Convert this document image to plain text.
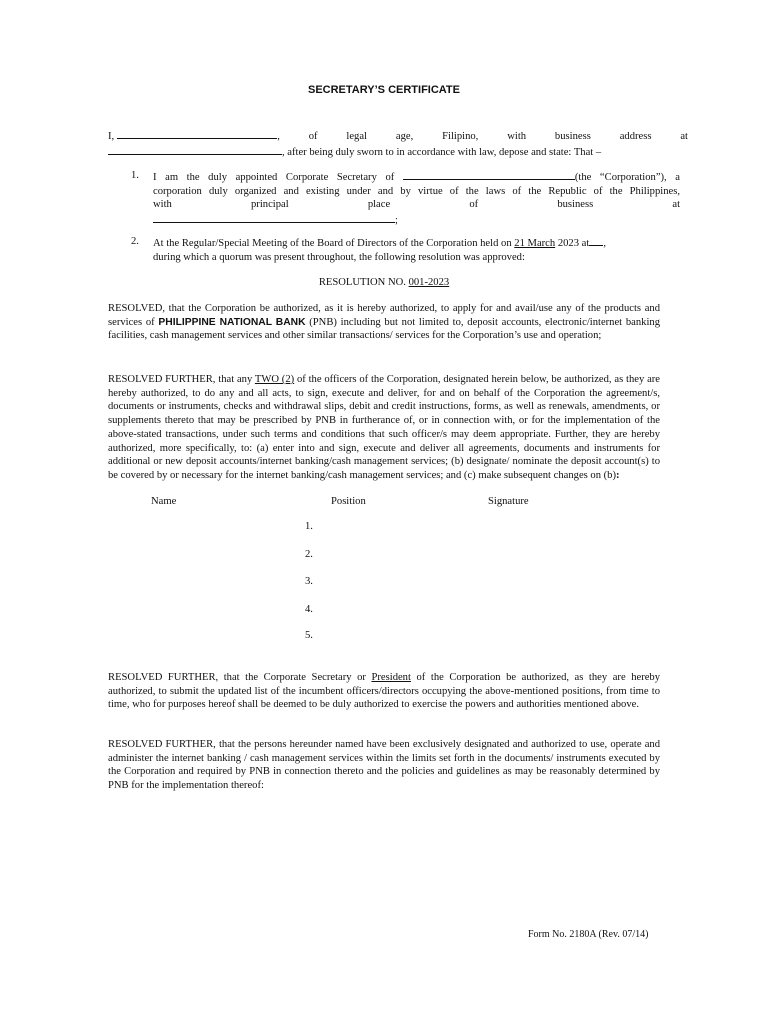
SECRETARY’S CERTIFICATE
I,	,	of legal	age,	Filipino,	with business address at
, after being duly sworn to in accordance with law, depose and state: That –
1. I am the duly appointed Corporate Secretary of	(the “Corporation”), a
corporation duly organized and existing under and by virtue of the laws of the Republic of the Philippines,
with	principal	place	of	business	at
;
2. At the Regular/Special Meeting of the Board of Directors of the Corporation held on 21 March 2023 at ,
during which a quorum was present throughout, the following resolution was approved:
RESOLUTION NO. 001-2023
RESOLVED, that the Corporation be authorized, as it is hereby authorized, to apply for and avail/use any of the products and services of PHILIPPINE NATIONAL BANK (PNB) including but not limited to, deposit accounts, electronic/internet banking facilities, cash management services and other similar transactions/ services for the Corporation’s use and operation;
RESOLVED FURTHER, that any TWO (2) of the officers of the Corporation, designated herein below, be authorized, as they are hereby authorized, to do any and all acts, to sign, execute and deliver, for and on behalf of the Corporation the agreement/s, documents or instruments, checks and withdrawal slips, debit and credit instructions, forms, as well as renewals, amendments, or supplements thereto that may be prescribed by PNB in furtherance of, or in connection with, or for the implementation of the above-stated transactions, under such terms and conditions that such officer/s may deem appropriate. Further, they are hereby authorized, more specifically, to: (a) enter into and sign, execute and deliver all agreements, documents and instruments for additional or new deposit accounts/internet banking/cash management services; (b) designate/ nominate the deposit account(s) to be covered by or necessary for the internet banking/cash management services; and (c) make subsequent changes on (b):
Name	Position	Signature
1.
2.
3.
4.
5.
RESOLVED FURTHER, that the Corporate Secretary or President of the Corporation be authorized, as they are hereby authorized, to submit the updated list of the incumbent officers/directors occupying the above-mentioned positions, from time to time, who for purposes hereof shall be deemed to be duly authorized to exercise the powers and authorities mentioned above.
RESOLVED FURTHER, that the persons hereunder named have been exclusively designated and authorized to use, operate and administer the internet banking / cash management services within the limits set forth in the documents/ instruments executed by the Corporation and required by PNB in connection thereto and the policies and guidelines as may be reasonably determined by PNB for the implementation thereof:
Form No. 2180A (Rev. 07/14)
